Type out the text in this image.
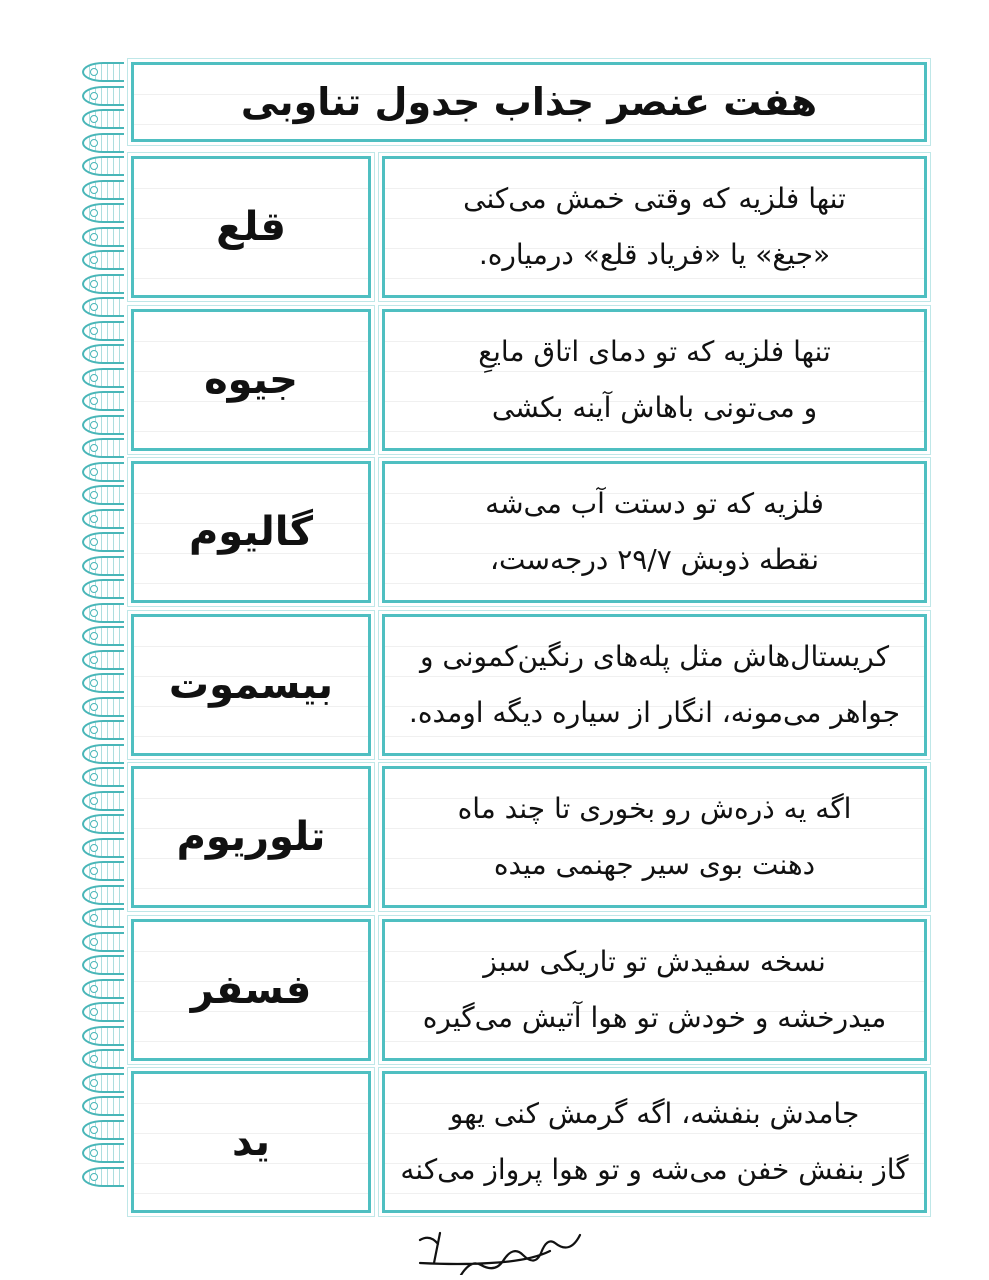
هفت عنصر جذاب جدول تناوبی
قلع
تنها فلزیه که وقتی خمش می‌کنی
«جیغ» یا «فریاد قلع» درمیاره.
جیوه
تنها فلزیه که تو دمای اتاق مایعِ
و می‌تونی باهاش آینه بکشی
گالیوم
فلزیه که تو دستت آب می‌شه
نقطه ذوبش ۲۹/۷ درجه‌ست،
بیسموت
کریستال‌هاش مثل پله‌های رنگین‌کمونی و
جواهر می‌مونه، انگار از سیاره دیگه اومده.
تلوریوم
اگه یه ذره‌ش رو بخوری تا چند ماه
دهنت بوی سیر جهنمی میده
فسفر
نسخه سفیدش تو تاریکی سبز
میدرخشه و خودش تو هوا آتیش می‌گیره
ید
جامدش بنفشه، اگه گرمش کنی یهو
گاز بنفش خفن می‌شه و تو هوا پرواز می‌کنه
